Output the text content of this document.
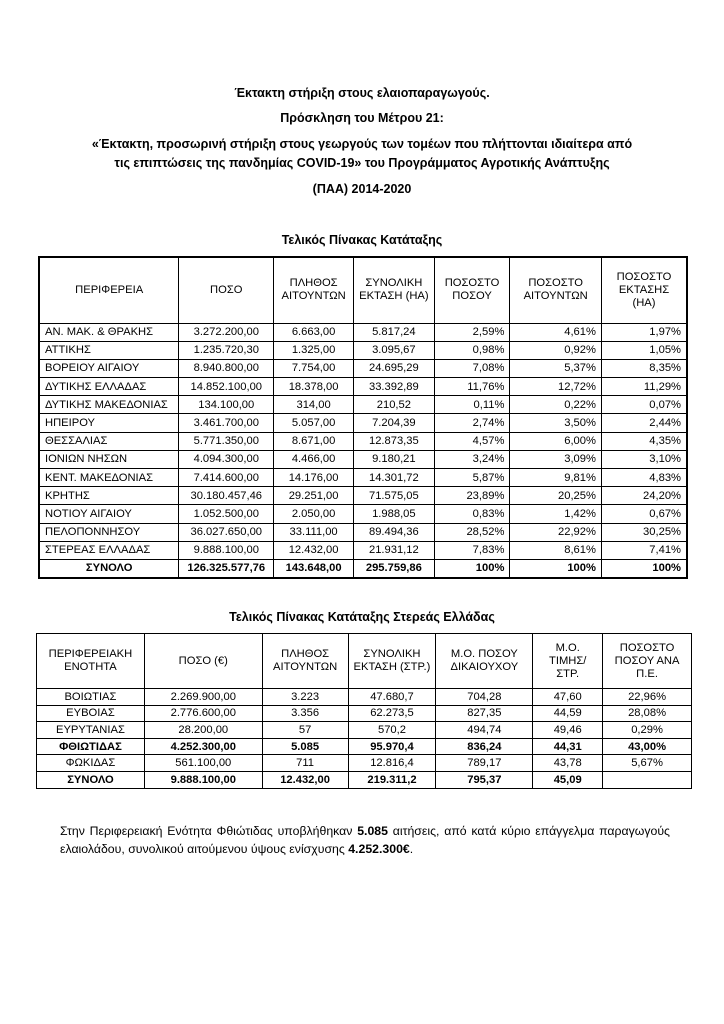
Έκτακτη στήριξη στους ελαιοπαραγωγούς.
Πρόσκληση του Μέτρου 21:
«Έκτακτη, προσωρινή στήριξη στους γεωργούς των τομέων που πλήττονται ιδιαίτερα από
τις επιπτώσεις της πανδημίας COVID-19» του Προγράμματος Αγροτικής Ανάπτυξης
(ΠΑΑ) 2014-2020
Τελικός Πίνακας Κατάταξης
ΠΕΡΙΦΕΡΕΙΑ	ΠΟΣΟ	ΠΛΗΘΟΣ ΑΙΤΟΥΝΤΩΝ	ΣΥΝΟΛΙΚΗ ΕΚΤΑΣΗ (HA)	ΠΟΣΟΣΤΟ ΠΟΣΟΥ	ΠΟΣΟΣΤΟ ΑΙΤΟΥΝΤΩΝ	ΠΟΣΟΣΤΟ ΕΚΤΑΣΗΣ (HA)
ΑΝ. ΜΑΚ. & ΘΡΑΚΗΣ	3.272.200,00	6.663,00	5.817,24	2,59%	4,61%	1,97%
ΑΤΤΙΚΗΣ	1.235.720,30	1.325,00	3.095,67	0,98%	0,92%	1,05%
ΒΟΡΕΙΟΥ ΑΙΓΑΙΟΥ	8.940.800,00	7.754,00	24.695,29	7,08%	5,37%	8,35%
ΔΥΤΙΚΗΣ ΕΛΛΑΔΑΣ	14.852.100,00	18.378,00	33.392,89	11,76%	12,72%	11,29%
ΔΥΤΙΚΗΣ ΜΑΚΕΔΟΝΙΑΣ	134.100,00	314,00	210,52	0,11%	0,22%	0,07%
ΗΠΕΙΡΟΥ	3.461.700,00	5.057,00	7.204,39	2,74%	3,50%	2,44%
ΘΕΣΣΑΛΙΑΣ	5.771.350,00	8.671,00	12.873,35	4,57%	6,00%	4,35%
ΙΟΝΙΩΝ ΝΗΣΩΝ	4.094.300,00	4.466,00	9.180,21	3,24%	3,09%	3,10%
ΚΕΝΤ. ΜΑΚΕΔΟΝΙΑΣ	7.414.600,00	14.176,00	14.301,72	5,87%	9,81%	4,83%
ΚΡΗΤΗΣ	30.180.457,46	29.251,00	71.575,05	23,89%	20,25%	24,20%
ΝΟΤΙΟΥ ΑΙΓΑΙΟΥ	1.052.500,00	2.050,00	1.988,05	0,83%	1,42%	0,67%
ΠΕΛΟΠΟΝΝΗΣΟΥ	36.027.650,00	33.111,00	89.494,36	28,52%	22,92%	30,25%
ΣΤΕΡΕΑΣ ΕΛΛΑΔΑΣ	9.888.100,00	12.432,00	21.931,12	7,83%	8,61%	7,41%
ΣΥΝΟΛΟ	126.325.577,76	143.648,00	295.759,86	100%	100%	100%
Τελικός Πίνακας Κατάταξης Στερεάς Ελλάδας
ΠΕΡΙΦΕΡΕΙΑΚΗ ΕΝΟΤΗΤΑ	ΠΟΣΟ (€)	ΠΛΗΘΟΣ ΑΙΤΟΥΝΤΩΝ	ΣΥΝΟΛΙΚΗ ΕΚΤΑΣΗ (ΣΤΡ.)	Μ.Ο. ΠΟΣΟΥ ΔΙΚΑΙΟΥΧΟΥ	Μ.Ο. ΤΙΜΗΣ/ΣΤΡ.	ΠΟΣΟΣΤΟ ΠΟΣΟΥ ΑΝΑ Π.Ε.
ΒΟΙΩΤΙΑΣ	2.269.900,00	3.223	47.680,7	704,28	47,60	22,96%
ΕΥΒΟΙΑΣ	2.776.600,00	3.356	62.273,5	827,35	44,59	28,08%
ΕΥΡΥΤΑΝΙΑΣ	28.200,00	57	570,2	494,74	49,46	0,29%
ΦΘΙΩΤΙΔΑΣ	4.252.300,00	5.085	95.970,4	836,24	44,31	43,00%
ΦΩΚΙΔΑΣ	561.100,00	711	12.816,4	789,17	43,78	5,67%
ΣΥΝΟΛΟ	9.888.100,00	12.432,00	219.311,2	795,37	45,09	
Στην Περιφερειακή Ενότητα Φθιώτιδας υποβλήθηκαν 5.085 αιτήσεις, από κατά κύριο επάγγελμα παραγωγούς ελαιολάδου, συνολικού αιτούμενου ύψους ενίσχυσης 4.252.300€.
